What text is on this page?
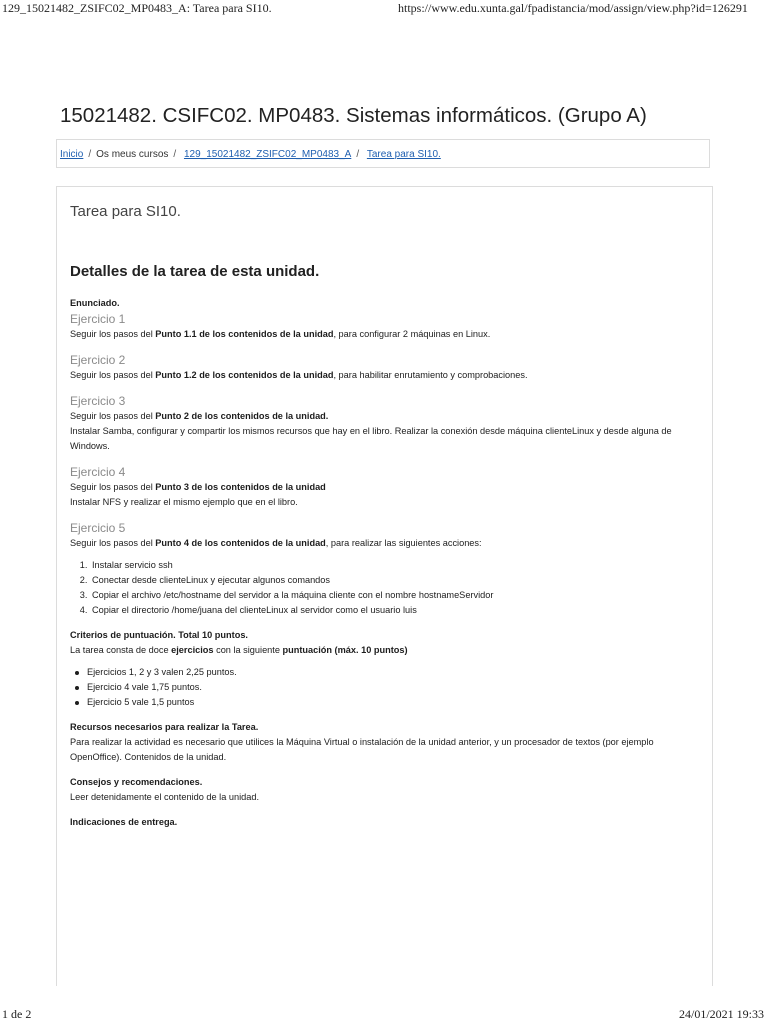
129_15021482_ZSIFC02_MP0483_A: Tarea para SI10.	https://www.edu.xunta.gal/fpadistancia/mod/assign/view.php?id=126291
15021482. CSIFC02. MP0483. Sistemas informáticos. (Grupo A)
Inicio / Os meus cursos / 129_15021482_ZSIFC02_MP0483_A / Tarea para SI10.
Tarea para SI10.
Detalles de la tarea de esta unidad.

Enunciado.

Ejercicio 1

Seguir los pasos del Punto 1.1 de los contenidos de la unidad, para configurar 2 máquinas en Linux.

Ejercicio 2

Seguir los pasos del Punto 1.2 de los contenidos de la unidad, para habilitar enrutamiento y comprobaciones.

Ejercicio 3

Seguir los pasos del Punto 2 de los contenidos de la unidad.

Instalar Samba, configurar y compartir los mismos recursos que hay en el libro. Realizar la conexión desde máquina clienteLinux y desde alguna de Windows.

Ejercicio 4

Seguir los pasos del Punto 3 de los contenidos de la unidad

Instalar NFS y realizar el mismo ejemplo que en el libro.

Ejercicio 5

Seguir los pasos del Punto 4 de los contenidos de la unidad, para realizar las siguientes acciones:

1. Instalar servicio ssh
2. Conectar desde clienteLinux y ejecutar algunos comandos
3. Copiar el archivo /etc/hostname del servidor a la máquina cliente con el nombre hostnameServidor
4. Copiar el directorio /home/juana del clienteLinux al servidor como el usuario luis

Criterios de puntuación. Total 10 puntos.

La tarea consta de doce ejercicios con la siguiente puntuación (máx. 10 puntos)

Ejercicios 1, 2 y 3 valen 2,25 puntos.
Ejercicio 4 vale 1,75 puntos.
Ejercicio 5 vale 1,5 puntos

Recursos necesarios para realizar la Tarea.

Para realizar la actividad es necesario que utilices la Máquina Virtual o instalación de la unidad anterior, y un procesador de textos (por ejemplo OpenOffice). Contenidos de la unidad.

Consejos y recomendaciones.

Leer detenidamente el contenido de la unidad.

Indicaciones de entrega.

1 de 2	24/01/2021 19:33
